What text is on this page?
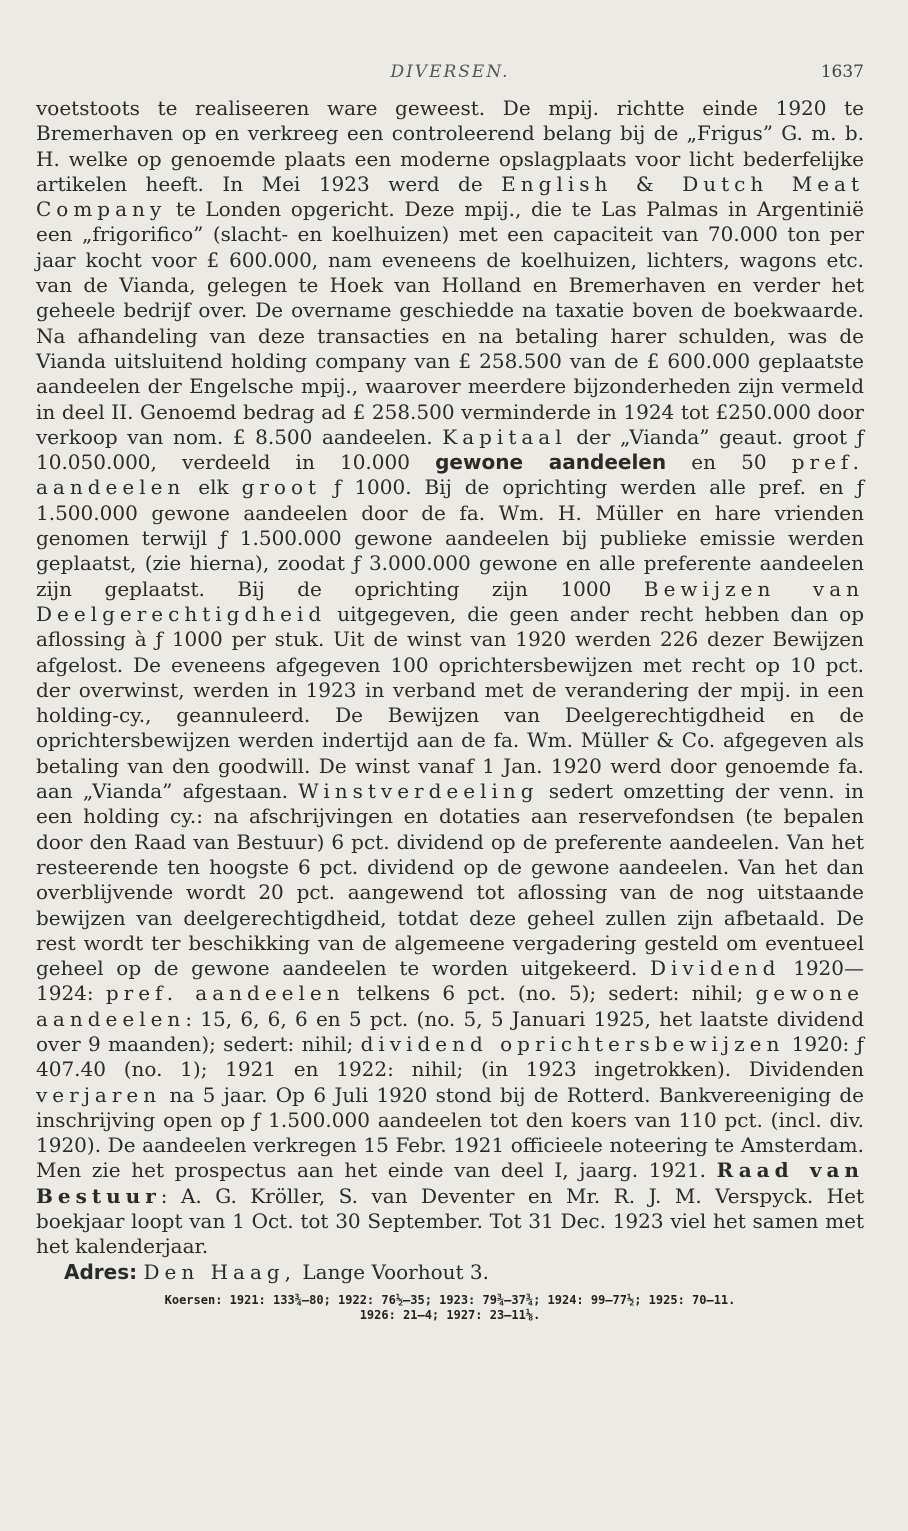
DIVERSEN.	1637

voetstoots te realiseeren ware geweest. De mpij. richtte einde 1920 te Bremerhaven op en verkreeg een controleerend belang bij de „Frigus” G. m. b. H. welke op genoemde plaats een moderne opslagplaats voor licht bederfelijke artikelen heeft. In Mei 1923 werd de English & Dutch Meat Company te Londen opgericht. Deze mpij., die te Las Palmas in Argentinië een „frigorifico” (slacht- en koelhuizen) met een capaciteit van 70.000 ton per jaar kocht voor £ 600.000, nam eveneens de koelhuizen, lichters, wagons etc. van de Vianda, gelegen te Hoek van Holland en Bremerhaven en verder het geheele bedrijf over. De overname geschiedde na taxatie boven de boekwaarde. Na afhandeling van deze transacties en na betaling harer schulden, was de Vianda uitsluitend holding company van £ 258.500 van de £ 600.000 geplaatste aandeelen der Engelsche mpij., waarover meerdere bijzonderheden zijn vermeld in deel II. Genoemd bedrag ad £ 258.500 verminderde in 1924 tot £250.000 door verkoop van nom. £ 8.500 aandeelen. Kapitaal der „Vianda” geaut. groot ƒ 10.050.000, verdeeld in 10.000 gewone aandeelen en 50 pref. aandeelen elk groot ƒ 1000. Bij de oprichting werden alle pref. en ƒ 1.500.000 gewone aandeelen door de fa. Wm. H. Müller en hare vrienden genomen terwijl ƒ 1.500.000 gewone aandeelen bij publieke emissie werden geplaatst, (zie hierna), zoodat ƒ 3.000.000 gewone en alle preferente aandeelen zijn geplaatst. Bij de oprichting zijn 1000 Bewijzen van Deelgerechtigdheid uitgegeven, die geen ander recht hebben dan op aflossing à ƒ 1000 per stuk. Uit de winst van 1920 werden 226 dezer Bewijzen afgelost. De eveneens afgegeven 100 oprichtersbewijzen met recht op 10 pct. der overwinst, werden in 1923 in verband met de verandering der mpij. in een holding-cy., geannuleerd. De Bewijzen van Deelgerechtigdheid en de oprichtersbewijzen werden indertijd aan de fa. Wm. Müller & Co. afgegeven als betaling van den goodwill. De winst vanaf 1 Jan. 1920 werd door genoemde fa. aan „Vianda” afgestaan. Winstverdeeling sedert omzetting der venn. in een holding cy.: na afschrijvingen en dotaties aan reservefondsen (te bepalen door den Raad van Bestuur) 6 pct. dividend op de preferente aandeelen. Van het resteerende ten hoogste 6 pct. dividend op de gewone aandeelen. Van het dan overblijvende wordt 20 pct. aangewend tot aflossing van de nog uitstaande bewijzen van deelgerechtigdheid, totdat deze geheel zullen zijn afbetaald. De rest wordt ter beschikking van de algemeene vergadering gesteld om eventueel geheel op de gewone aandeelen te worden uitgekeerd. Dividend 1920—1924: pref. aandeelen telkens 6 pct. (no. 5); sedert: nihil; gewone aandeelen: 15, 6, 6, 6 en 5 pct. (no. 5, 5 Januari 1925, het laatste dividend over 9 maanden); sedert: nihil; dividend oprichtersbewijzen 1920: ƒ 407.40 (no. 1); 1921 en 1922: nihil; (in 1923 ingetrokken). Dividenden verjaren na 5 jaar. Op 6 Juli 1920 stond bij de Rotterd. Bankvereeniging de inschrijving open op ƒ 1.500.000 aandeelen tot den koers van 110 pct. (incl. div. 1920). De aandeelen verkregen 15 Febr. 1921 officieele noteering te Amsterdam. Men zie het prospectus aan het einde van deel I, jaarg. 1921. Raad van Bestuur: A. G. Kröller, S. van Deventer en Mr. R. J. M. Verspyck. Het boekjaar loopt van 1 Oct. tot 30 September. Tot 31 Dec. 1923 viel het samen met het kalenderjaar.

Adres: Den Haag, Lange Voorhout 3.

Koersen: 1921: 133¾—80; 1922: 76½—35; 1923: 79¾—37¾; 1924: 99—77½; 1925: 70—11.
1926: 21—4; 1927: 23—11⅛.
